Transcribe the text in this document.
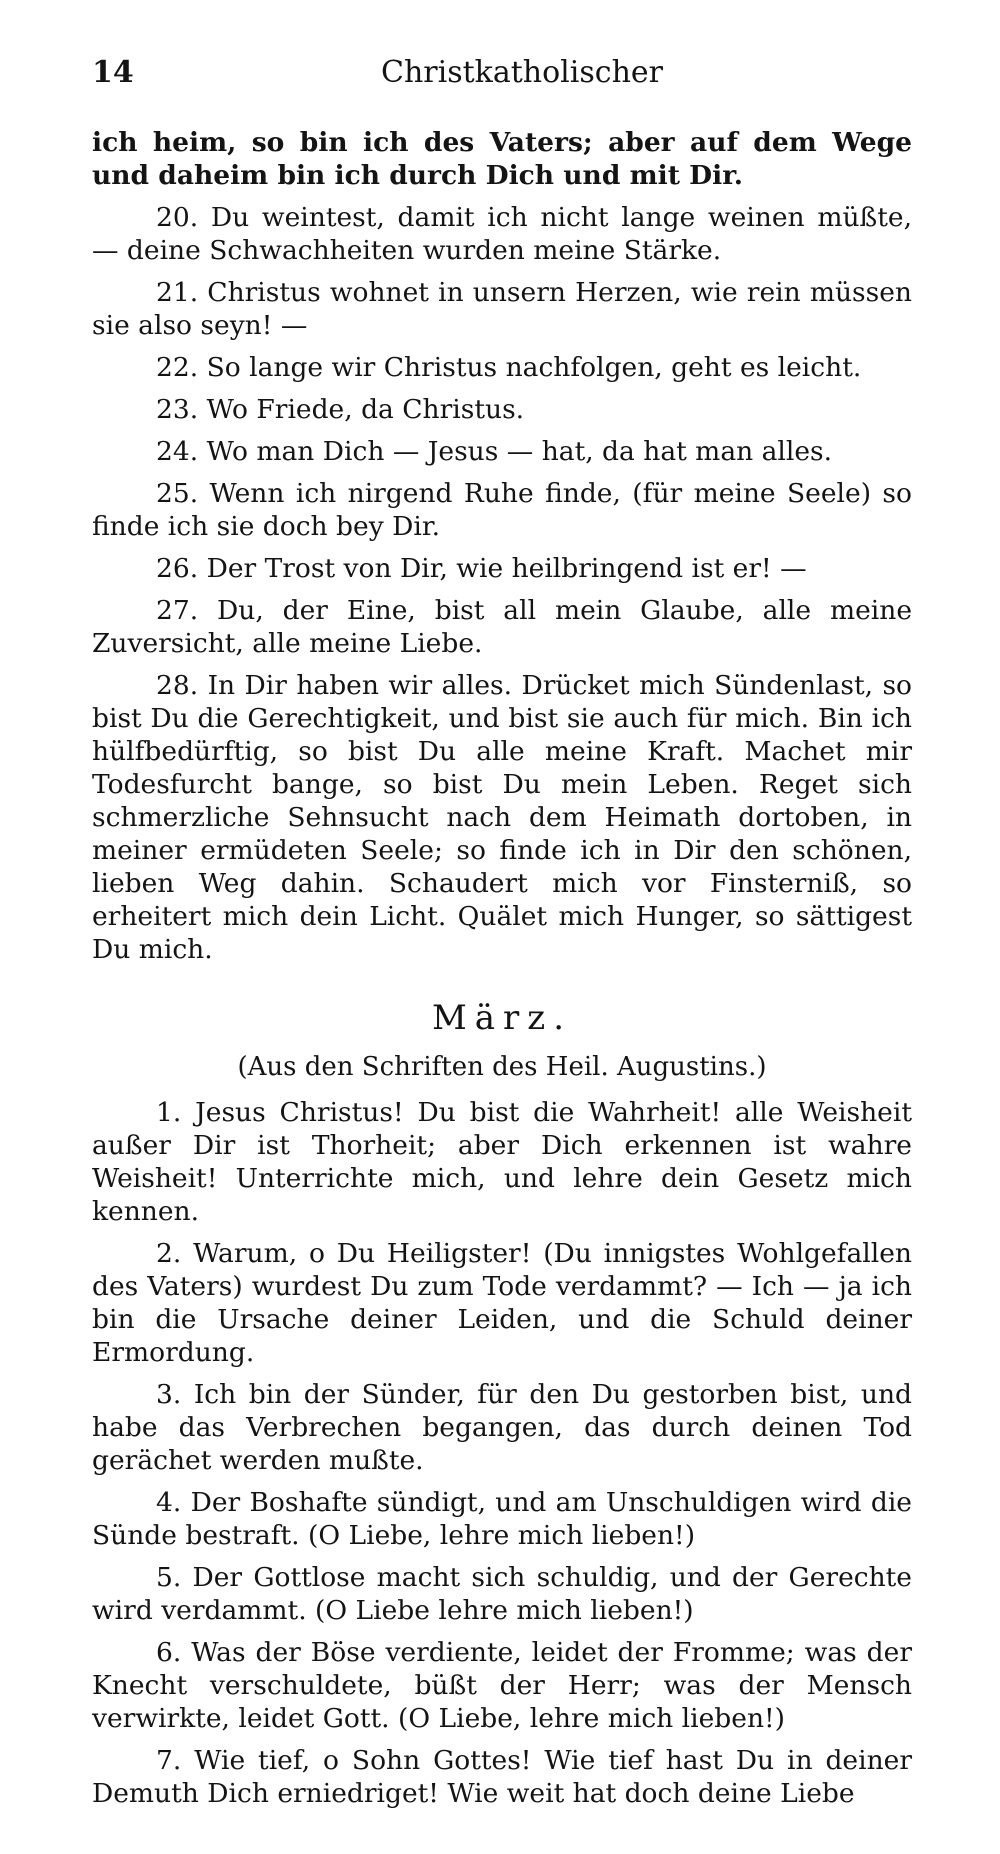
14	Christkatholischer

ich heim, so bin ich des Vaters; aber auf dem Wege und daheim bin ich durch Dich und mit Dir.

20. Du weintest, damit ich nicht lange weinen müßte, — deine Schwachheiten wurden meine Stärke.

21. Christus wohnet in unsern Herzen, wie rein müssen sie also seyn! —

22. So lange wir Christus nachfolgen, geht es leicht.

23. Wo Friede, da Christus.

24. Wo man Dich — Jesus — hat, da hat man alles.

25. Wenn ich nirgend Ruhe finde, (für meine Seele) so finde ich sie doch bey Dir.

26. Der Trost von Dir, wie heilbringend ist er! —

27. Du, der Eine, bist all mein Glaube, alle meine Zuversicht, alle meine Liebe.

28. In Dir haben wir alles. Drücket mich Sündenlast, so bist Du die Gerechtigkeit, und bist sie auch für mich. Bin ich hülfbedürftig, so bist Du alle meine Kraft. Machet mir Todesfurcht bange, so bist Du mein Leben. Reget sich schmerzliche Sehnsucht nach dem Heimath dortoben, in meiner ermüdeten Seele; so finde ich in Dir den schönen, lieben Weg dahin. Schaudert mich vor Finsterniß, so erheitert mich dein Licht. Quälet mich Hunger, so sättigest Du mich.

März.
(Aus den Schriften des Heil. Augustins.)

1. Jesus Christus! Du bist die Wahrheit! alle Weisheit außer Dir ist Thorheit; aber Dich erkennen ist wahre Weisheit! Unterrichte mich, und lehre dein Gesetz mich kennen.

2. Warum, o Du Heiligster! (Du innigstes Wohlgefallen des Vaters) wurdest Du zum Tode verdammt? — Ich — ja ich bin die Ursache deiner Leiden, und die Schuld deiner Ermordung.

3. Ich bin der Sünder, für den Du gestorben bist, und habe das Verbrechen begangen, das durch deinen Tod gerächet werden mußte.

4. Der Boshafte sündigt, und am Unschuldigen wird die Sünde bestraft. (O Liebe, lehre mich lieben!)

5. Der Gottlose macht sich schuldig, und der Gerechte wird verdammt. (O Liebe lehre mich lieben!)

6. Was der Böse verdiente, leidet der Fromme; was der Knecht verschuldete, büßt der Herr; was der Mensch verwirkte, leidet Gott. (O Liebe, lehre mich lieben!)

7. Wie tief, o Sohn Gottes! Wie tief hast Du in deiner Demuth Dich erniedriget! Wie weit hat doch deine Liebe
